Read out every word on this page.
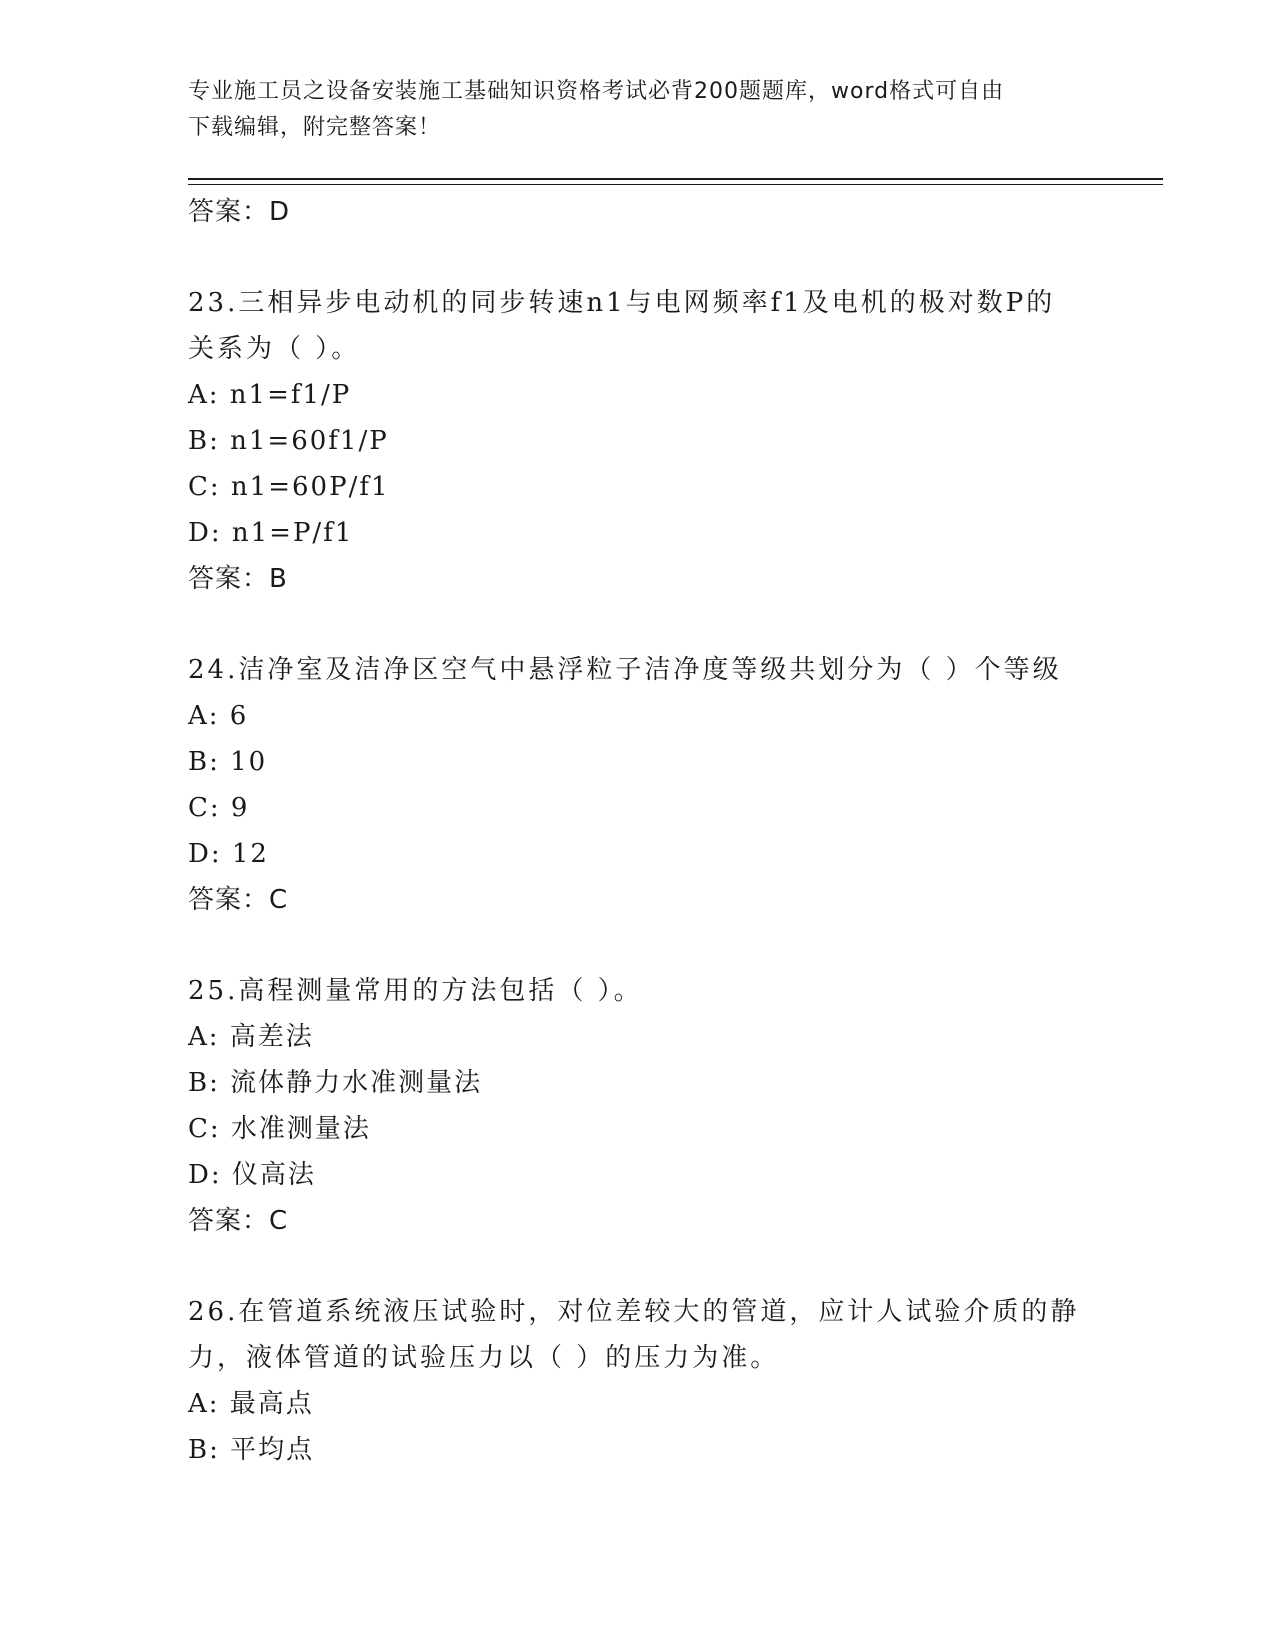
专业施工员之设备安装施工基础知识资格考试必背200题题库，word格式可自由
下载编辑，附完整答案！
答案：D
23.三相异步电动机的同步转速n1与电网频率f1及电机的极对数P的
关系为（ ）。
A: n1=f1/P
B: n1=60f1/P
C: n1=60P/f1
D: n1=P/f1
答案：B
24.洁净室及洁净区空气中悬浮粒子洁净度等级共划分为（ ）个等级
A: 6
B: 10
C: 9
D: 12
答案：C
25.高程测量常用的方法包括（ ）。
A: 高差法
B: 流体静力水准测量法
C: 水准测量法
D: 仪高法
答案：C
26.在管道系统液压试验时，对位差较大的管道，应计人试验介质的静
力，液体管道的试验压力以（ ）的压力为准。
A: 最高点
B: 平均点
